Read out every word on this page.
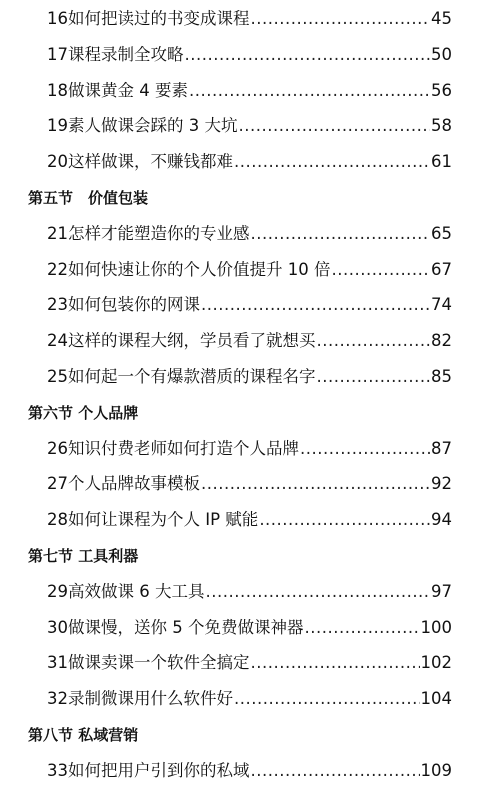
16 如何把读过的书变成课程 .....	45
17 课程录制全攻略 .....	50
18 做课黄金 4 要素 .....	56
19 素人做课会踩的 3 大坑 .....	58
20 这样做课，不赚钱都难 .....	61
第五节　价值包装
21 怎样才能塑造你的专业感 .....	65
22 如何快速让你的个人价值提升 10 倍 .....	67
23 如何包装你的网课 .....	74
24 这样的课程大纲，学员看了就想买 .....	82
25 如何起一个有爆款潜质的课程名字 .....	85
第六节 个人品牌
26 知识付费老师如何打造个人品牌 .....	87
27 个人品牌故事模板 .....	92
28 如何让课程为个人 IP 赋能 .....	94
第七节 工具利器
29 高效做课 6 大工具 .....	97
30 做课慢，送你 5 个免费做课神器 .....	100
31 做课卖课一个软件全搞定 .....	102
32 录制微课用什么软件好 .....	104
第八节 私域营销
33 如何把用户引到你的私域 .....	109
